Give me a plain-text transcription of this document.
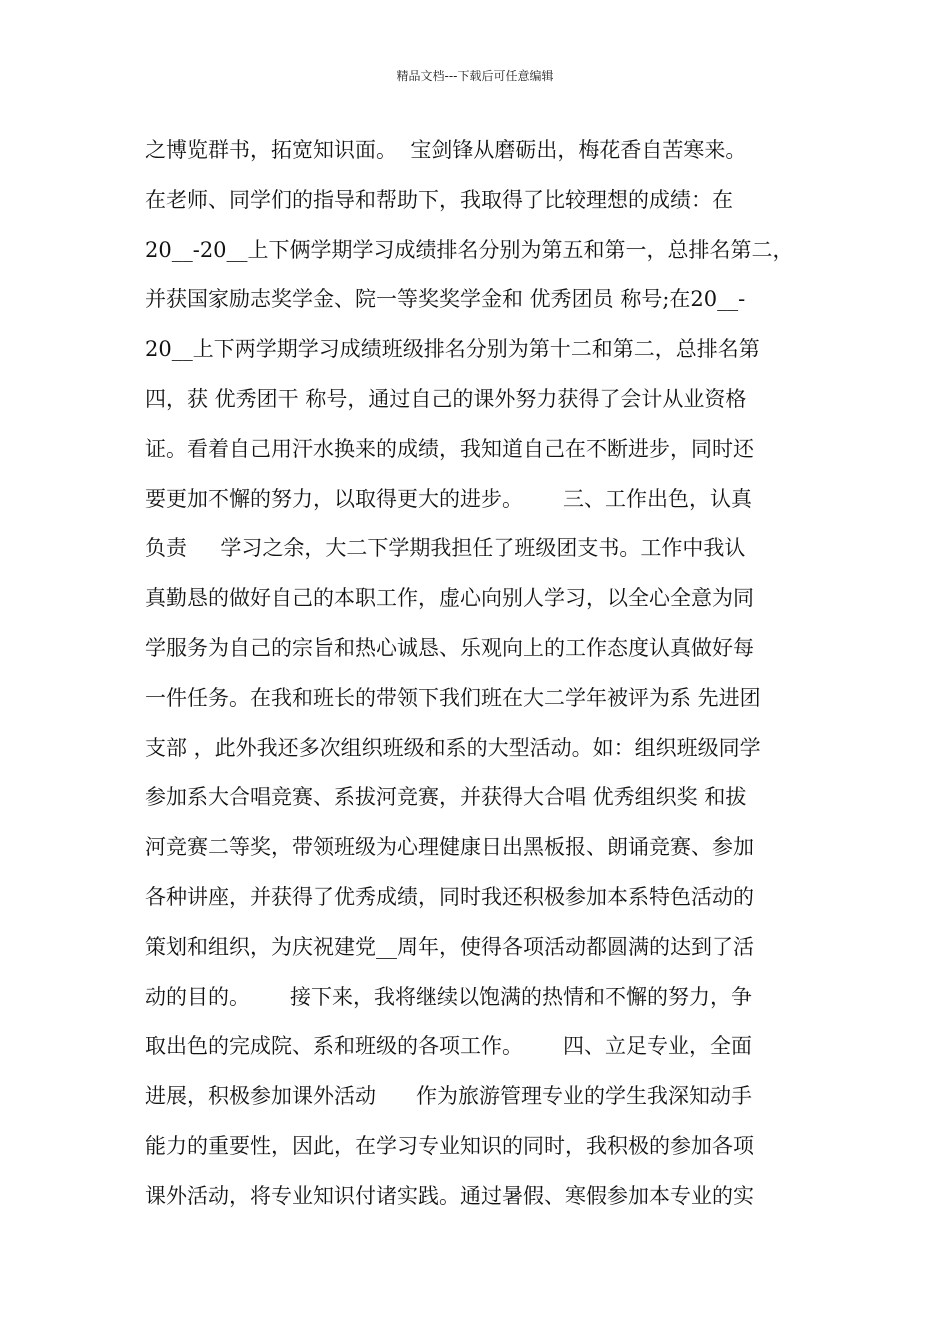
精品文档---下载后可任意编辑
之博览群书，拓宽知识面。  宝剑锋从磨砺出，梅花香自苦寒来。
在老师、同学们的指导和帮助下，我取得了比较理想的成绩：在
20__-20__上下俩学期学习成绩排名分别为第五和第一，总排名第二，
并获国家励志奖学金、院一等奖奖学金和 优秀团员 称号;在20__-
20__上下两学期学习成绩班级排名分别为第十二和第二，总排名第
四，获 优秀团干 称号，通过自己的课外努力获得了会计从业资格
证。看着自己用汗水换来的成绩，我知道自己在不断进步，同时还
要更加不懈的努力，以取得更大的进步。      三、工作出色，认真
负责     学习之余，大二下学期我担任了班级团支书。工作中我认
真勤恳的做好自己的本职工作，虚心向别人学习，以全心全意为同
学服务为自己的宗旨和热心诚恳、乐观向上的工作态度认真做好每
一件任务。在我和班长的带领下我们班在大二学年被评为系 先进团
支部 ，此外我还多次组织班级和系的大型活动。如：组织班级同学
参加系大合唱竞赛、系拔河竞赛，并获得大合唱 优秀组织奖 和拔
河竞赛二等奖，带领班级为心理健康日出黑板报、朗诵竞赛、参加
各种讲座，并获得了优秀成绩，同时我还积极参加本系特色活动的
策划和组织，为庆祝建党__周年，使得各项活动都圆满的达到了活
动的目的。      接下来，我将继续以饱满的热情和不懈的努力，争
取出色的完成院、系和班级的各项工作。      四、立足专业，全面
进展，积极参加课外活动      作为旅游管理专业的学生我深知动手
能力的重要性，因此，在学习专业知识的同时，我积极的参加各项
课外活动，将专业知识付诸实践。通过暑假、寒假参加本专业的实
